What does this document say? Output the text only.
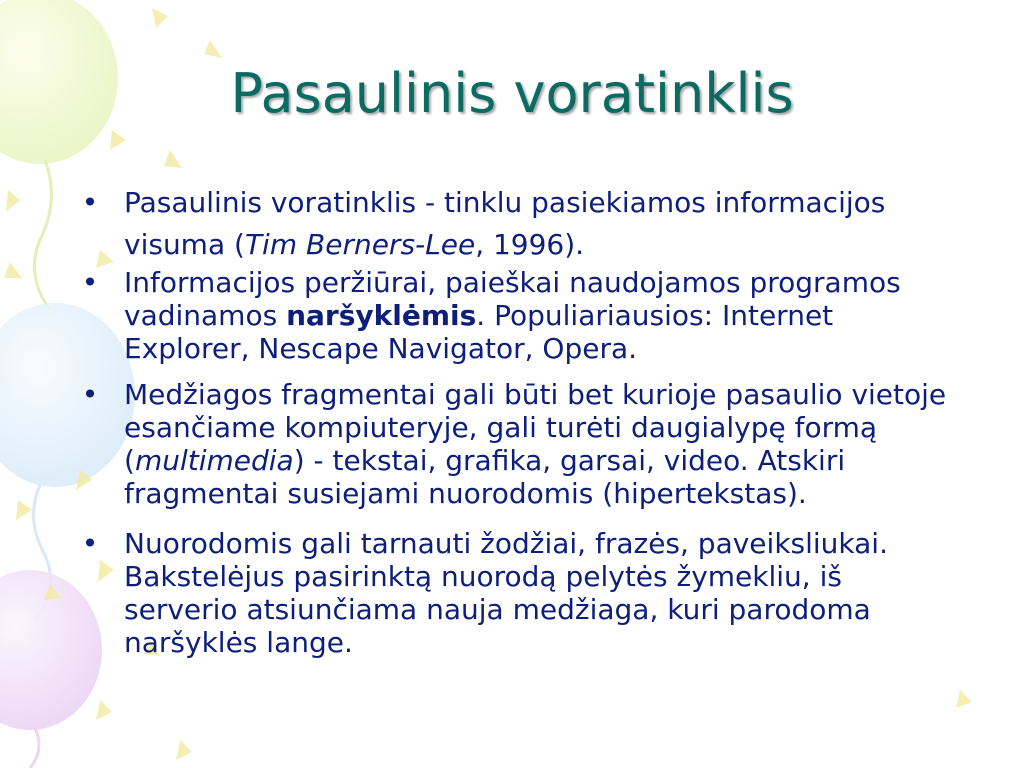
Pasaulinis voratinklis
• Pasaulinis voratinklis - tinklu pasiekiamos informacijos visuma (Tim Berners-Lee, 1996).
• Informacijos peržiūrai, paieškai naudojamos programos vadinamos naršyklėmis. Populiariausios: Internet Explorer, Nescape Navigator, Opera.
• Medžiagos fragmentai gali būti bet kurioje pasaulio vietoje esančiame kompiuteryje, gali turėti daugialypę formą (multimedia) - tekstai, grafika, garsai, video. Atskiri fragmentai susiejami nuorodomis (hipertekstas).
• Nuorodomis gali tarnauti žodžiai, frazės, paveiksliukai. Bakstelėjus pasirinktą nuorodą pelytės žymekliu, iš serverio atsiunčiama nauja medžiaga, kuri parodoma naršyklės lange.
